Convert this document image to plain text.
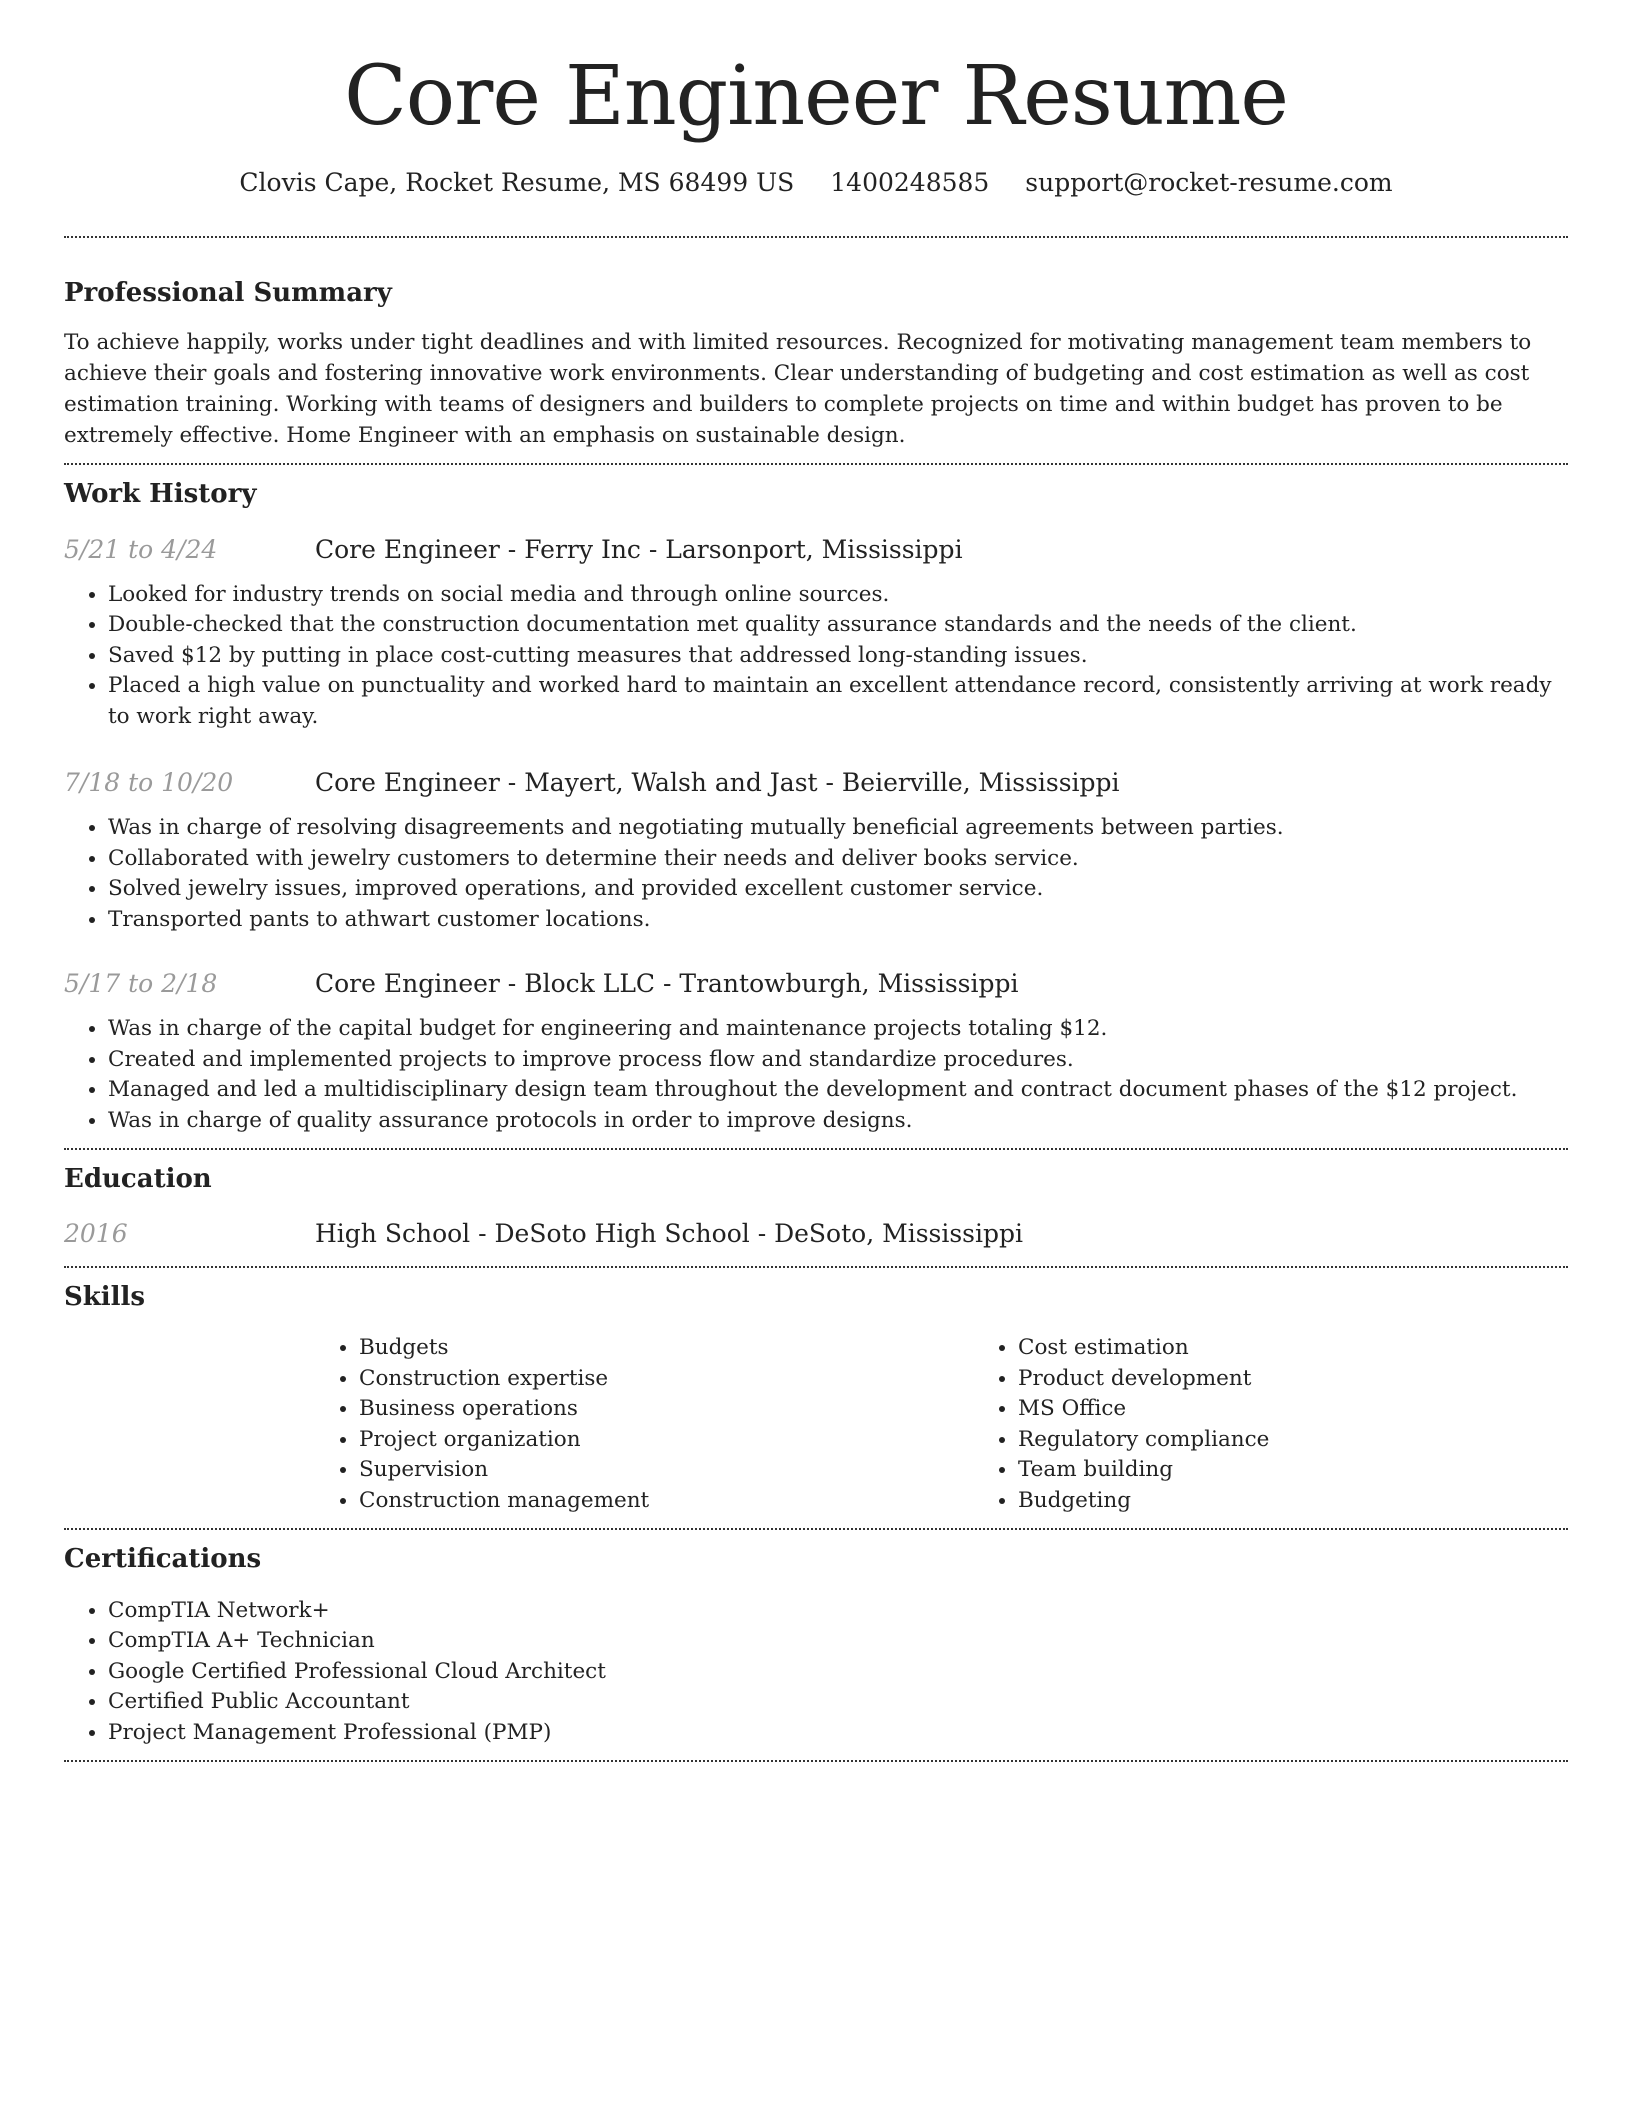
Core Engineer Resume
Clovis Cape, Rocket Resume, MS 68499 US 1400248585 support@rocket-resume.com
Professional Summary

To achieve happily, works under tight deadlines and with limited resources. Recognized for motivating management team members to achieve their goals and fostering innovative work environments. Clear understanding of budgeting and cost estimation as well as cost estimation training. Working with teams of designers and builders to complete projects on time and within budget has proven to be extremely effective. Home Engineer with an emphasis on sustainable design.

Work History
5/21 to 4/24	Core Engineer - Ferry Inc - Larsonport, Mississippi
• Looked for industry trends on social media and through online sources.
• Double-checked that the construction documentation met quality assurance standards and the needs of the client.
• Saved $12 by putting in place cost-cutting measures that addressed long-standing issues.
• Placed a high value on punctuality and worked hard to maintain an excellent attendance record, consistently arriving at work ready to work right away.
7/18 to 10/20	Core Engineer - Mayert, Walsh and Jast - Beierville, Mississippi
• Was in charge of resolving disagreements and negotiating mutually beneficial agreements between parties.
• Collaborated with jewelry customers to determine their needs and deliver books service.
• Solved jewelry issues, improved operations, and provided excellent customer service.
• Transported pants to athwart customer locations.
5/17 to 2/18	Core Engineer - Block LLC - Trantowburgh, Mississippi
• Was in charge of the capital budget for engineering and maintenance projects totaling $12.
• Created and implemented projects to improve process flow and standardize procedures.
• Managed and led a multidisciplinary design team throughout the development and contract document phases of the $12 project.
• Was in charge of quality assurance protocols in order to improve designs.
Education
2016	High School - DeSoto High School - DeSoto, Mississippi
Skills
• Budgets
• Construction expertise
• Business operations
• Project organization
• Supervision
• Construction management
• Cost estimation
• Product development
• MS Office
• Regulatory compliance
• Team building
• Budgeting
Certifications
• CompTIA Network+
• CompTIA A+ Technician
• Google Certified Professional Cloud Architect
• Certified Public Accountant
• Project Management Professional (PMP)
